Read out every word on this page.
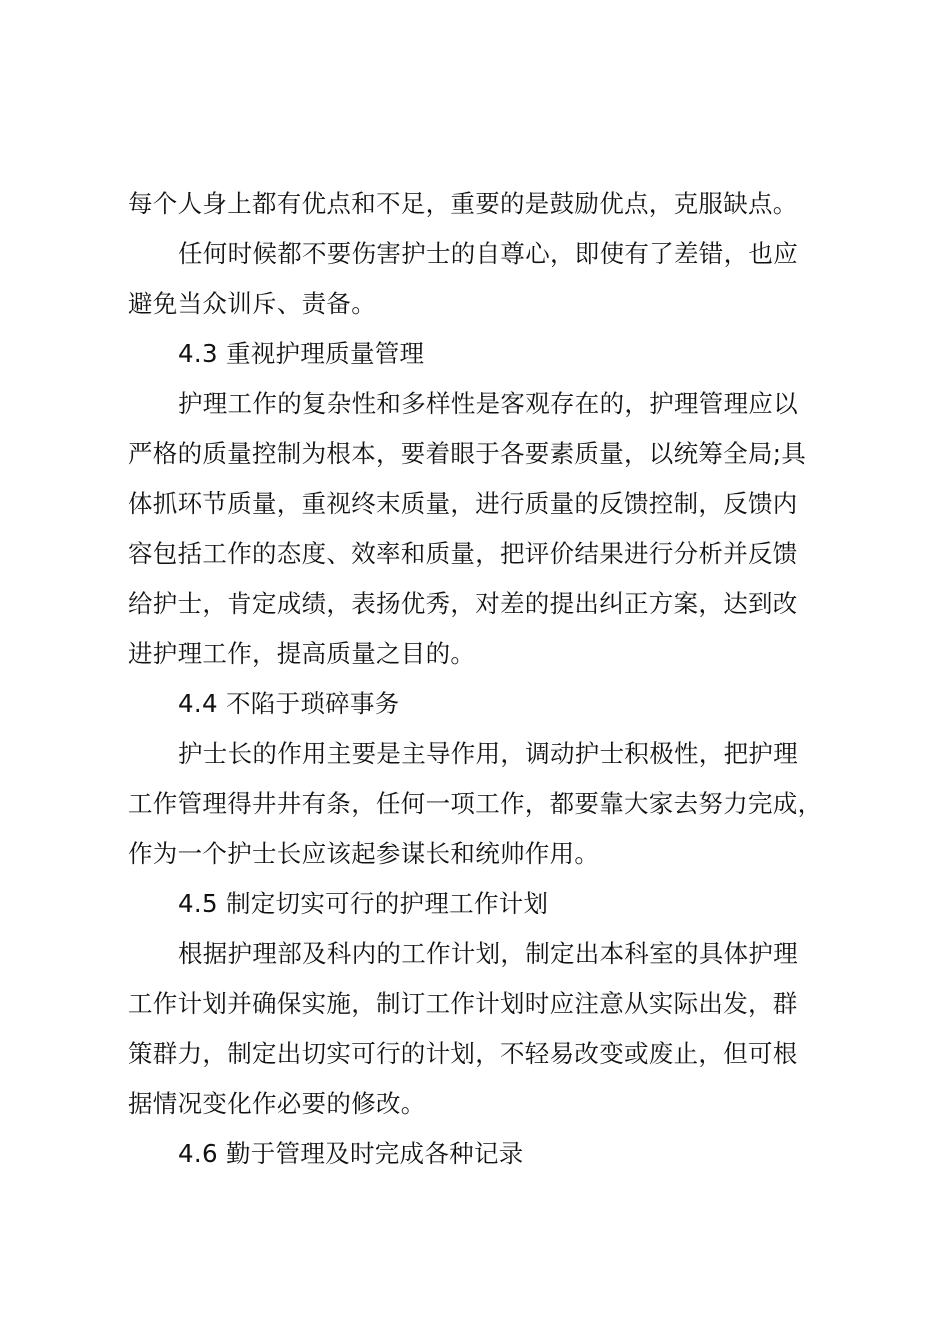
每个人身上都有优点和不足，重要的是鼓励优点，克服缺点。
任何时候都不要伤害护士的自尊心，即使有了差错，也应
避免当众训斥、责备。
4.3 重视护理质量管理
护理工作的复杂性和多样性是客观存在的，护理管理应以
严格的质量控制为根本，要着眼于各要素质量，以统筹全局;具
体抓环节质量，重视终末质量，进行质量的反馈控制，反馈内
容包括工作的态度、效率和质量，把评价结果进行分析并反馈
给护士，肯定成绩，表扬优秀，对差的提出纠正方案，达到改
进护理工作，提高质量之目的。
4.4 不陷于琐碎事务
护士长的作用主要是主导作用，调动护士积极性，把护理
工作管理得井井有条，任何一项工作，都要靠大家去努力完成，
作为一个护士长应该起参谋长和统帅作用。
4.5 制定切实可行的护理工作计划
根据护理部及科内的工作计划，制定出本科室的具体护理
工作计划并确保实施，制订工作计划时应注意从实际出发，群
策群力，制定出切实可行的计划，不轻易改变或废止，但可根
据情况变化作必要的修改。
4.6 勤于管理及时完成各种记录
